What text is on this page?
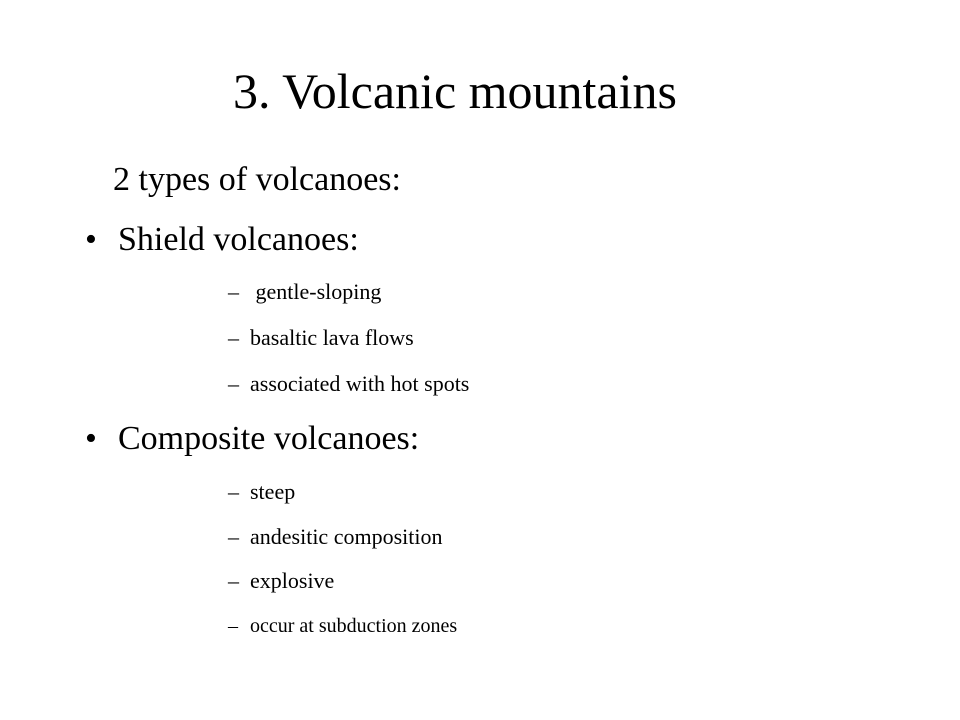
3. Volcanic mountains
2 types of volcanoes:
• Shield volcanoes:
– gentle-sloping
– basaltic lava flows
– associated with hot spots
• Composite volcanoes:
– steep
– andesitic composition
– explosive
– occur at subduction zones
